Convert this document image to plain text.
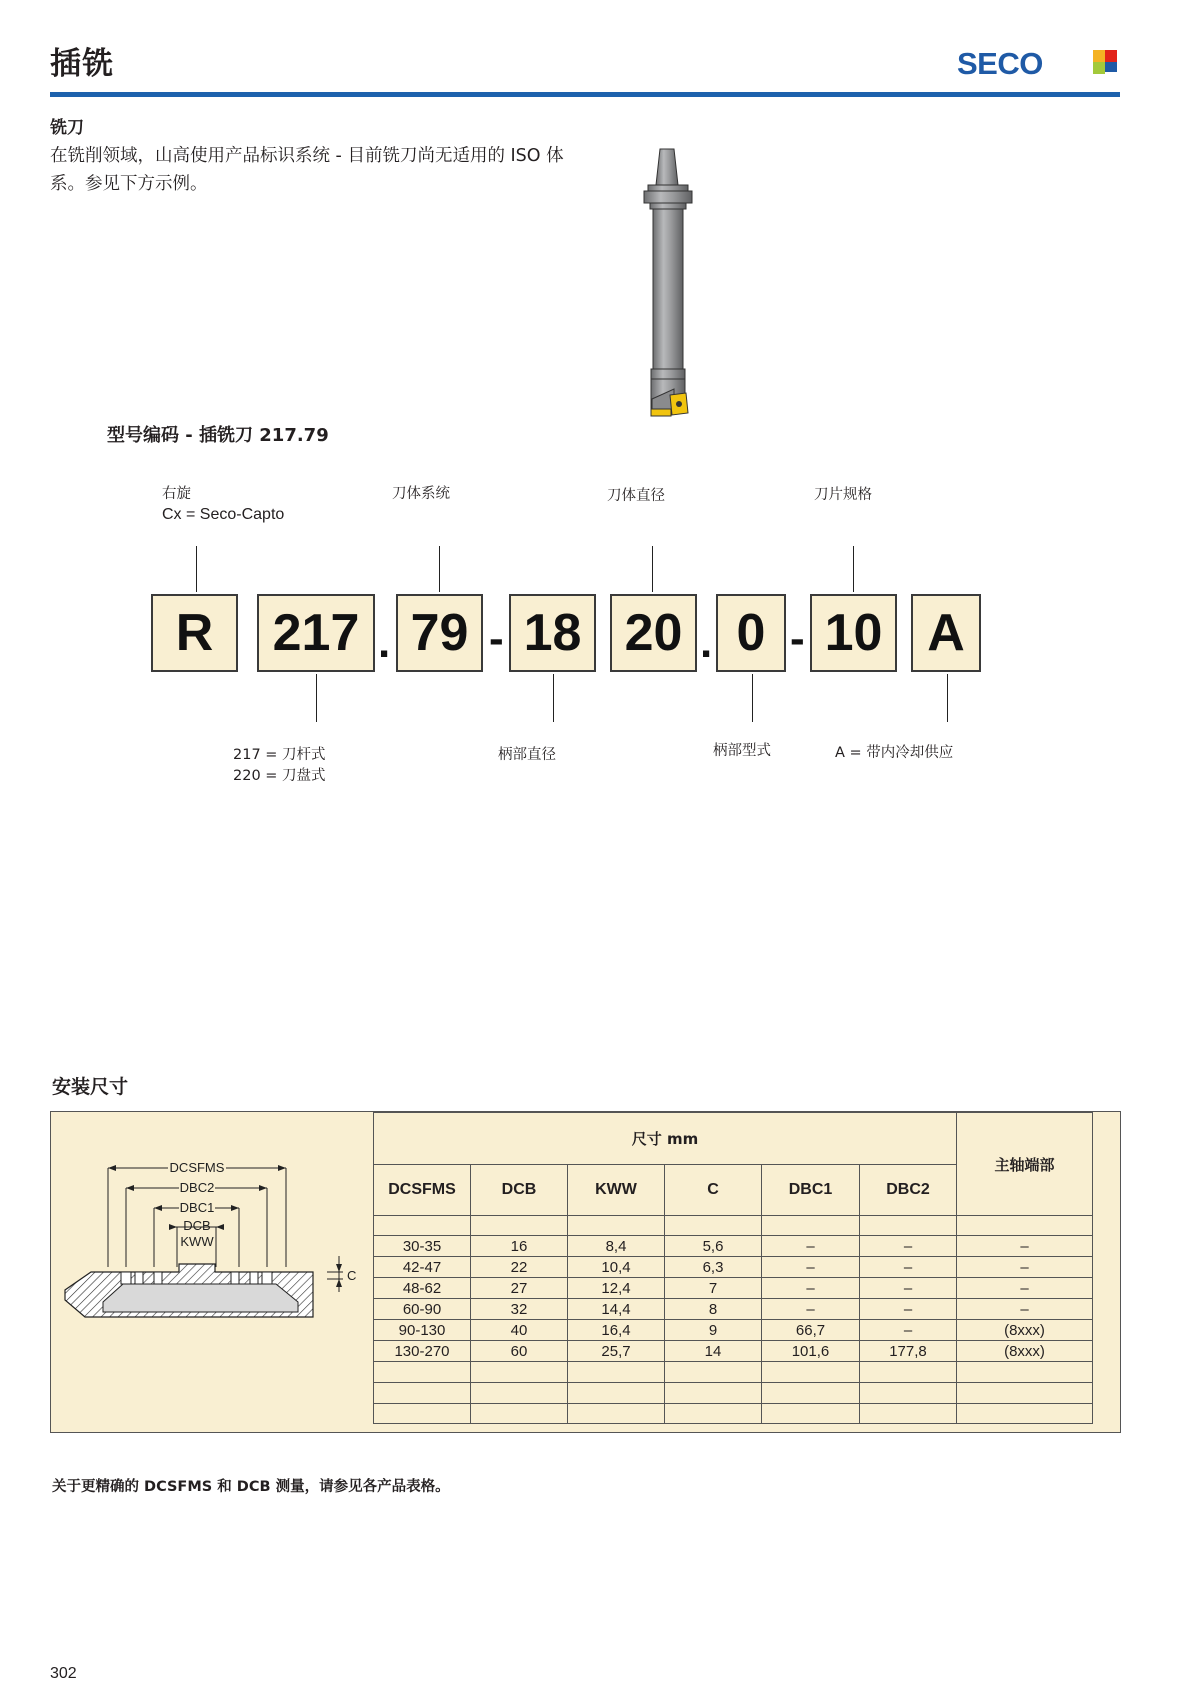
插铣	SECO
铣刀
在铣削领域，山高使用产品标识系统 - 目前铣刀尚无适用的 ISO 体
系。参见下方示例。
型号编码 - 插铣刀 217.79
右旋
Cx = Seco-Capto
刀体系统	刀体直径	刀片规格
R	217 . 79 - 18 20 . 0 - 10 A
217 = 刀杆式
220 = 刀盘式
柄部直径	柄部型式	A = 带内冷却供应
安装尺寸
DCSFMS
DBC2
DBC1
DCB
KWW
C
尺寸 mm						主轴端部
DCSFMS	DCB	KWW	C	DBC1	DBC2	

30-35	16	8,4	5,6	–	–	–
42-47	22	10,4	6,3	–	–	–
48-62	27	12,4	7	–	–	–
60-90	32	14,4	8	–	–	–
90-130	40	16,4	9	66,7	–	(8xxx)
130-270	60	25,7	14	101,6	177,8	(8xxx)

关于更精确的 DCSFMS 和 DCB 测量，请参见各产品表格。
302
